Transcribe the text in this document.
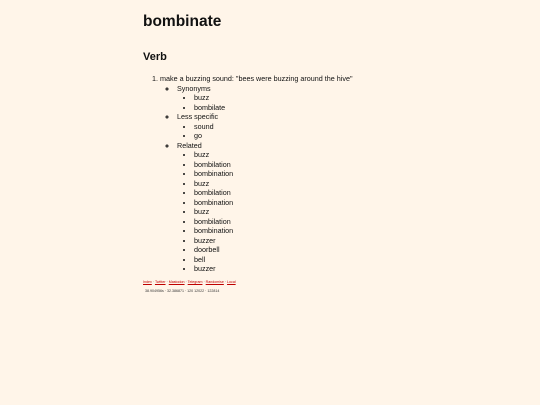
bombinate
Verb
1. make a buzzing sound: "bees were buzzing around the hive"
◦ Synonyms
• buzz
• bombilate
◦ Less specific
• sound
• go
◦ Related
• buzz
• bombilation
• bombination
• buzz
• bombilation
• bombination
• buzz
• bombilation
• bombination
• buzzer
• doorbell
• bell
• buzzer
Index · Twitter · Mastodon · Telegram · Randomise · Local
38.904956s · 32.386871 · 120 12022 · 122814
